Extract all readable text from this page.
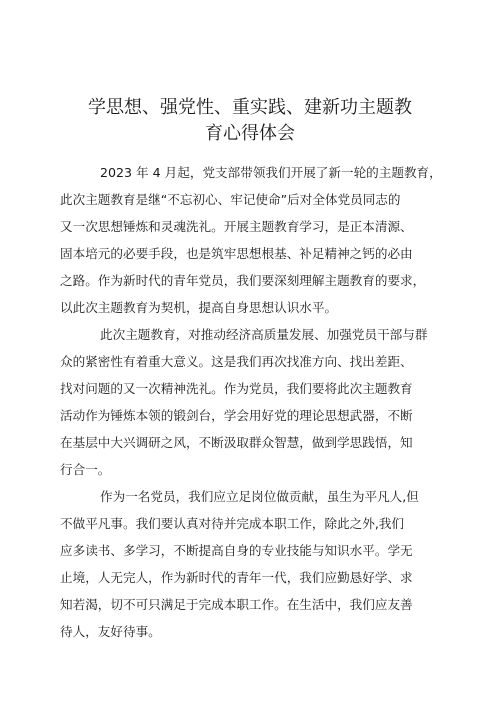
学思想、强党性、重实践、建新功主题教
育心得体会
2023 年 4 月起，党支部带领我们开展了新一轮的主题教育，
此次主题教育是继“不忘初心、牢记使命”后对全体党员同志的
又一次思想锤炼和灵魂洗礼。开展主题教育学习，是正本清源、
固本培元的必要手段，也是筑牢思想根基、补足精神之钙的必由
之路。作为新时代的青年党员，我们要深刻理解主题教育的要求，
以此次主题教育为契机，提高自身思想认识水平。
此次主题教育，对推动经济高质量发展、加强党员干部与群
众的紧密性有着重大意义。这是我们再次找准方向、找出差距、
找对问题的又一次精神洗礼。作为党员，我们要将此次主题教育
活动作为锤炼本领的锻剑台，学会用好党的理论思想武器，不断
在基层中大兴调研之风，不断汲取群众智慧，做到学思践悟，知
行合一。
作为一名党员，我们应立足岗位做贡献，虽生为平凡人,但
不做平凡事。我们要认真对待并完成本职工作，除此之外,我们
应多读书、多学习，不断提高自身的专业技能与知识水平。学无
止境，人无完人，作为新时代的青年一代，我们应勤恳好学、求
知若渴，切不可只满足于完成本职工作。在生活中，我们应友善
待人，友好待事。
